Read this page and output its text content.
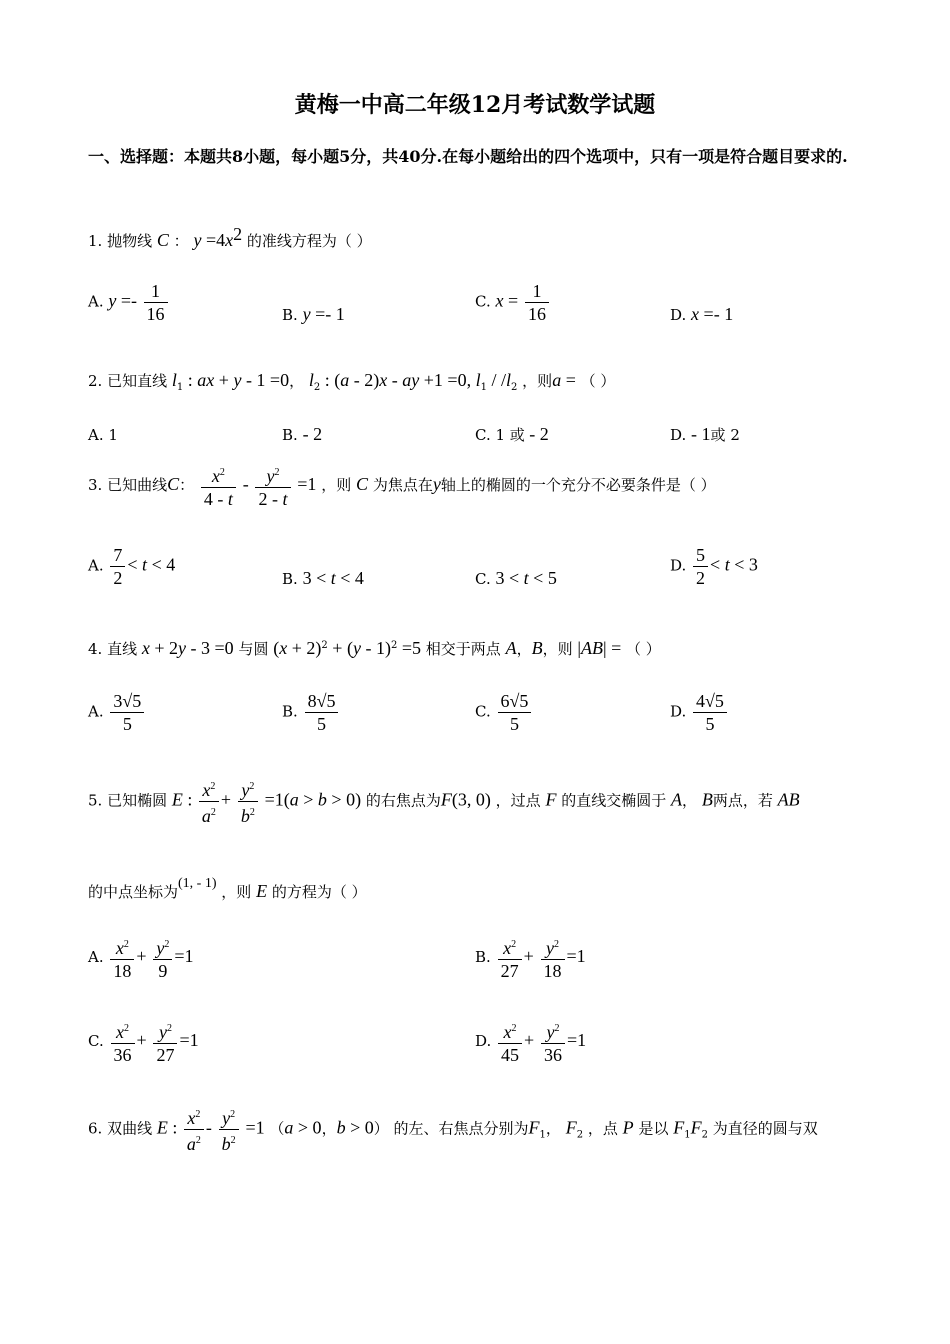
黄梅一中高二年级12月考试数学试题
一、选择题：本题共8小题，每小题5分，共40分.在每小题给出的四个选项中，只有一项是符合题目要求的.
1. 抛物线 C ： $y =4x^2$ 的准线方程为（ ）
A. $y =- \frac{1}{16}$	B. y =- 1
C. $x = \frac{1}{16}$	D. x =- 1
2. 已知直线 $l_1$ : ax + y - 1 =0， $l_2$ : (a - 2)x - ay +1 =0, $l_1 / /l_2$ ，则a = （ ）
A. 1	B. - 2	C. 1 或 - 2	D. - 1或 2
3. 已知曲线C： $\frac{x^2}{4 - t} - \frac{y^2}{2 - t} =1$ ，则 C 为焦点在y轴上的椭圆的一个充分不必要条件是（ ）
A. $\frac{7}{2} < t < 4$
B. 3 < t < 4	C. 3 < t < 5
D. $\frac{5}{2} < t < 3$
4. 直线 x + 2y - 3 =0 与圆 $(x + 2)^2 + (y - 1)^2 =5$ 相交于两点 A，B，则 |AB| = （ ）
A. $\frac{3√5}{5}$	B. $\frac{8√5}{5}$	C. $\frac{6√5}{5}$	D. $\frac{4√5}{5}$
5. 已知椭圆 E : $\frac{x^2}{a^2} + \frac{y^2}{b^2} =1(a > b > 0)$ 的右焦点为F(3, 0) ，过点 F 的直线交椭圆于 A， B两点，若 AB
的中点坐标为(1, - 1) ，则 E 的方程为（ ）
A. $\frac{x^2}{18} + \frac{y^2}{9} =1$	B. $\frac{x^2}{27} + \frac{y^2}{18} =1$
C. $\frac{x^2}{36} + \frac{y^2}{27} =1$	D. $\frac{x^2}{45} + \frac{y^2}{36} =1$
6. 双曲线 E : $\frac{x^2}{a^2} - \frac{y^2}{b^2} =1$ （a > 0，b > 0） 的左、右焦点分别为$F_1$， $F_2$ ，点 P 是以 $F_1F_2$ 为直径的圆与双
